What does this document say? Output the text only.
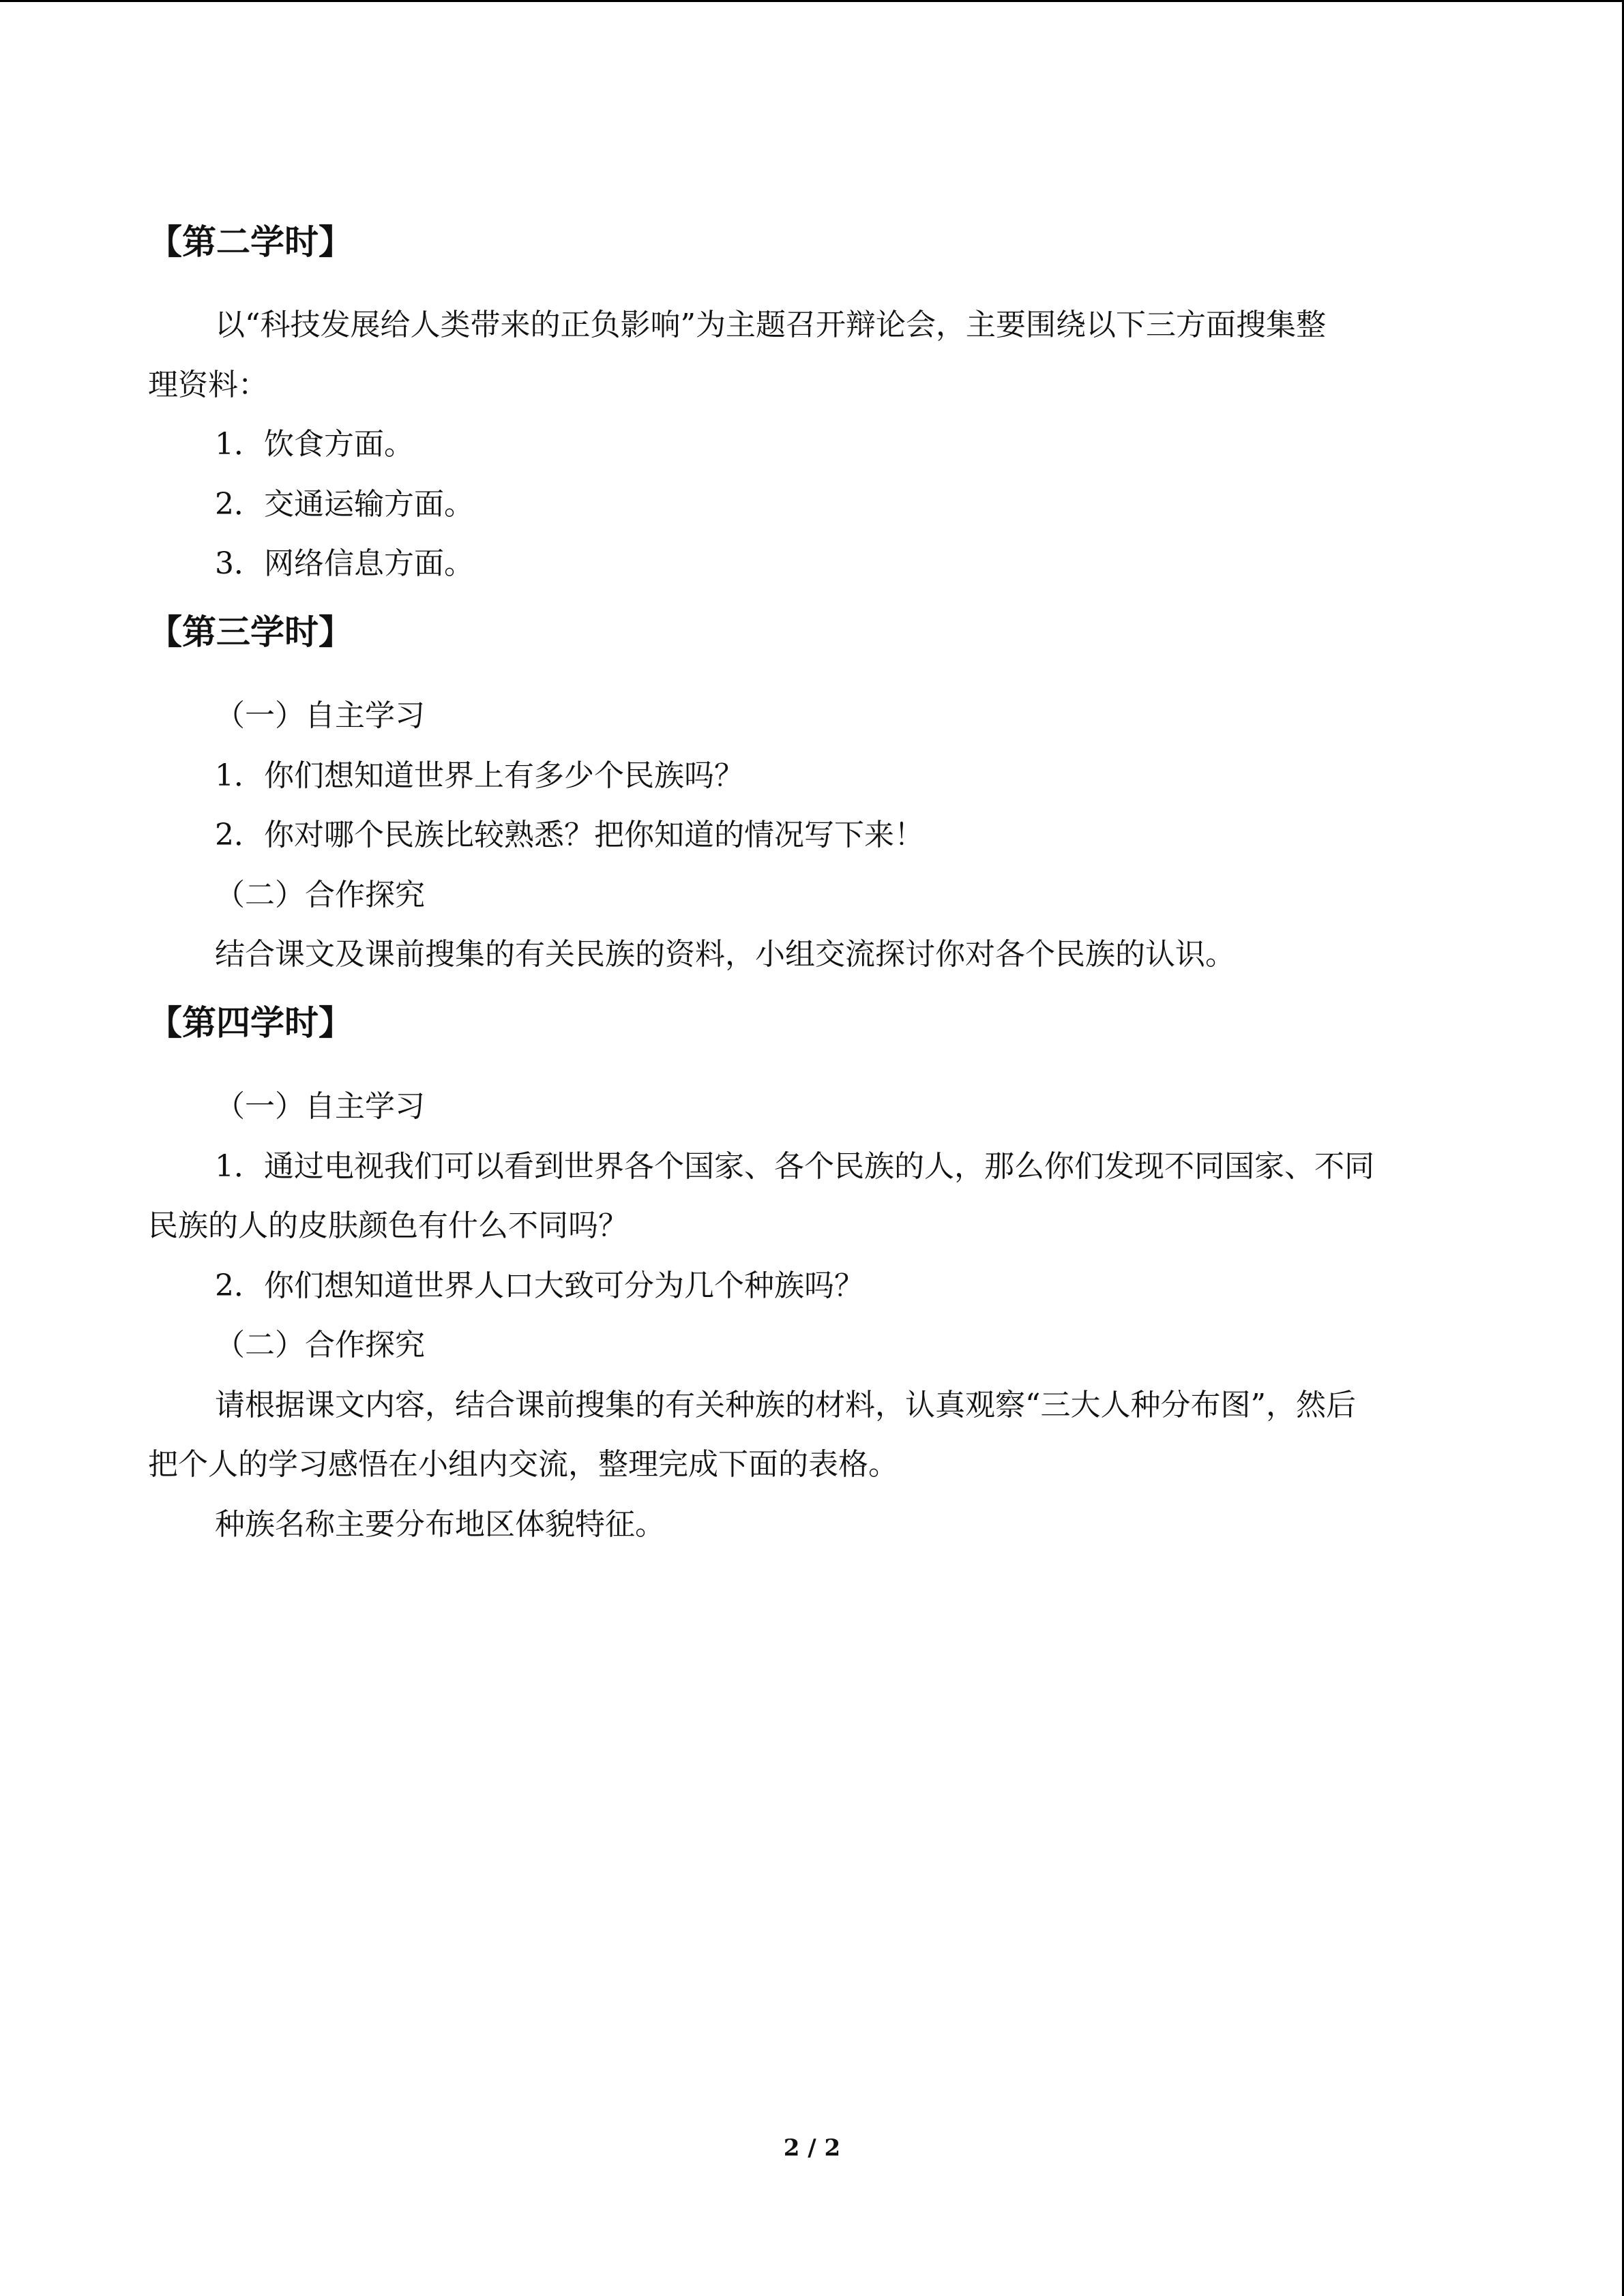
【第二学时】
以“科技发展给人类带来的正负影响”为主题召开辩论会，主要围绕以下三方面搜集整
理资料：
1．饮食方面。
2．交通运输方面。
3．网络信息方面。
【第三学时】
（一）自主学习
1．你们想知道世界上有多少个民族吗？
2．你对哪个民族比较熟悉？把你知道的情况写下来！
（二）合作探究
结合课文及课前搜集的有关民族的资料，小组交流探讨你对各个民族的认识。
【第四学时】
（一）自主学习
1．通过电视我们可以看到世界各个国家、各个民族的人，那么你们发现不同国家、不同
民族的人的皮肤颜色有什么不同吗？
2．你们想知道世界人口大致可分为几个种族吗？
（二）合作探究
请根据课文内容，结合课前搜集的有关种族的材料，认真观察“三大人种分布图”，然后
把个人的学习感悟在小组内交流，整理完成下面的表格。
种族名称主要分布地区体貌特征。
2 / 2
